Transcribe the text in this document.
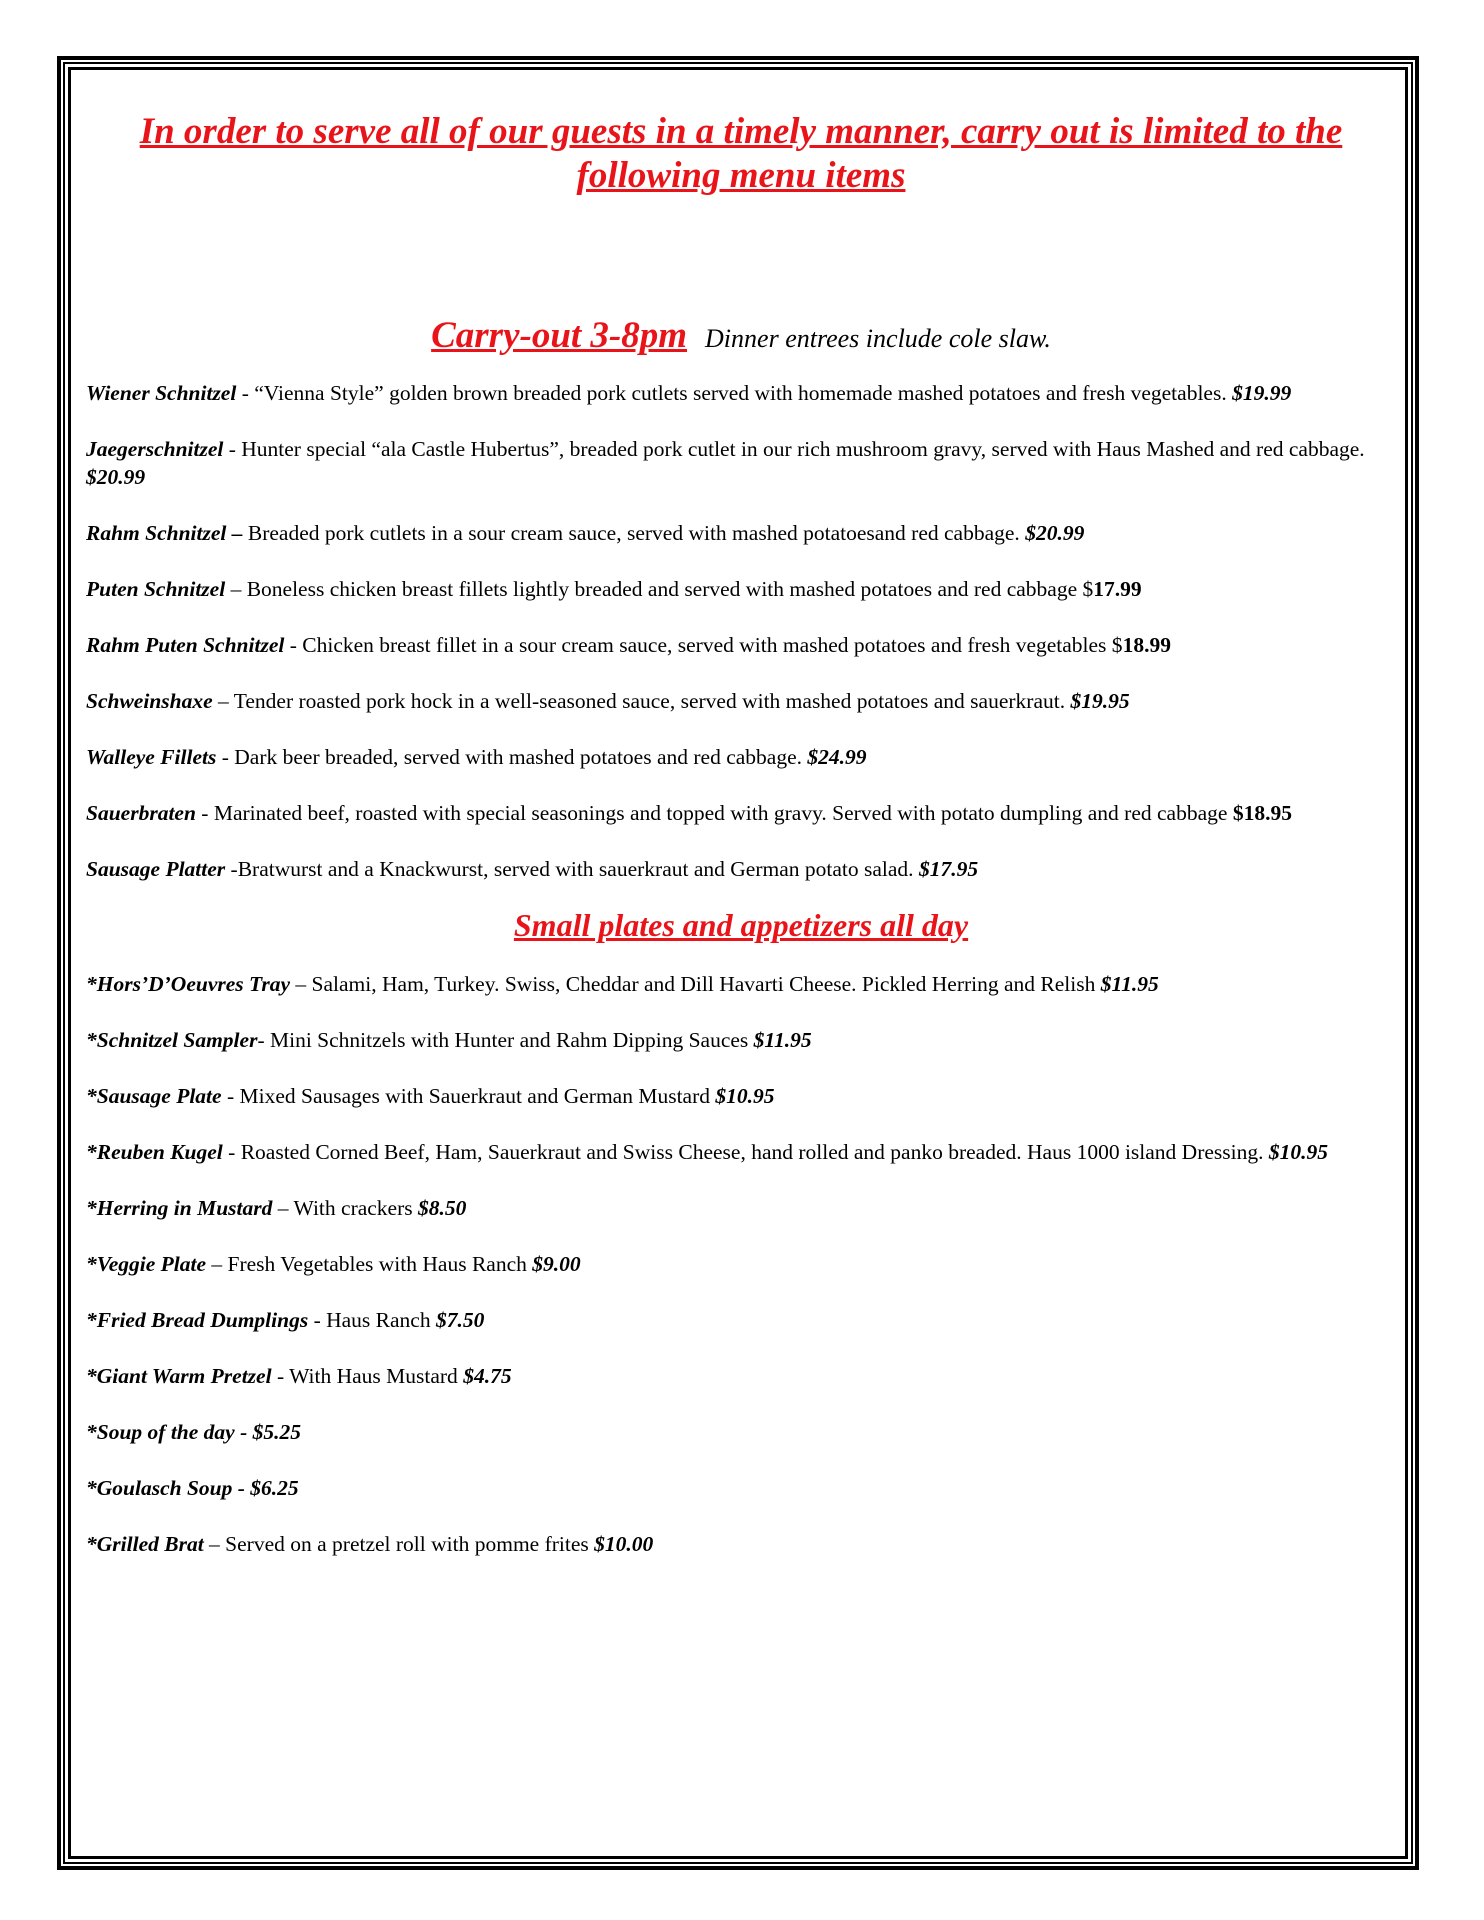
In order to serve all of our guests in a timely manner, carry out is limited to the following menu items

Carry-out 3-8pm Dinner entrees include cole slaw.

Wiener Schnitzel - “Vienna Style” golden brown breaded pork cutlets served with homemade mashed potatoes and fresh vegetables. $19.99

Jaegerschnitzel - Hunter special “ala Castle Hubertus”, breaded pork cutlet in our rich mushroom gravy, served with Haus Mashed and red cabbage. $20.99

Rahm Schnitzel – Breaded pork cutlets in a sour cream sauce, served with mashed potatoesand red cabbage. $20.99

Puten Schnitzel – Boneless chicken breast fillets lightly breaded and served with mashed potatoes and red cabbage $17.99

Rahm Puten Schnitzel - Chicken breast fillet in a sour cream sauce, served with mashed potatoes and fresh vegetables $18.99

Schweinshaxe – Tender roasted pork hock in a well-seasoned sauce, served with mashed potatoes and sauerkraut. $19.95

Walleye Fillets - Dark beer breaded, served with mashed potatoes and red cabbage. $24.99

Sauerbraten - Marinated beef, roasted with special seasonings and topped with gravy. Served with potato dumpling and red cabbage $18.95

Sausage Platter -Bratwurst and a Knackwurst, served with sauerkraut and German potato salad. $17.95

Small plates and appetizers all day

*Hors’D’Oeuvres Tray – Salami, Ham, Turkey. Swiss, Cheddar and Dill Havarti Cheese. Pickled Herring and Relish $11.95

*Schnitzel Sampler- Mini Schnitzels with Hunter and Rahm Dipping Sauces $11.95

*Sausage Plate - Mixed Sausages with Sauerkraut and German Mustard $10.95

*Reuben Kugel - Roasted Corned Beef, Ham, Sauerkraut and Swiss Cheese, hand rolled and panko breaded. Haus 1000 island Dressing. $10.95

*Herring in Mustard – With crackers $8.50

*Veggie Plate – Fresh Vegetables with Haus Ranch $9.00

*Fried Bread Dumplings - Haus Ranch $7.50

*Giant Warm Pretzel - With Haus Mustard $4.75

*Soup of the day - $5.25

*Goulasch Soup - $6.25

*Grilled Brat – Served on a pretzel roll with pomme frites $10.00
